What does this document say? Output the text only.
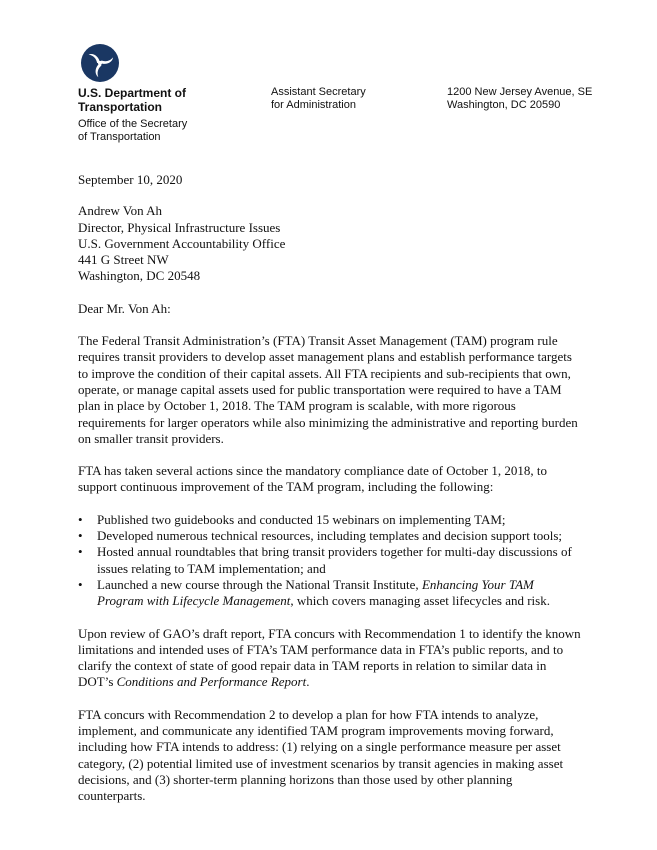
U.S. Department of
Transportation
Office of the Secretary
of Transportation
Assistant Secretary
for Administration
1200 New Jersey Avenue, SE
Washington, DC 20590

September 10, 2020

Andrew Von Ah
Director, Physical Infrastructure Issues
U.S. Government Accountability Office
441 G Street NW
Washington, DC 20548

Dear Mr. Von Ah:

The Federal Transit Administration’s (FTA) Transit Asset Management (TAM) program rule requires transit providers to develop asset management plans and establish performance targets to improve the condition of their capital assets. All FTA recipients and sub-recipients that own, operate, or manage capital assets used for public transportation were required to have a TAM plan in place by October 1, 2018. The TAM program is scalable, with more rigorous requirements for larger operators while also minimizing the administrative and reporting burden on smaller transit providers.

FTA has taken several actions since the mandatory compliance date of October 1, 2018, to support continuous improvement of the TAM program, including the following:

• Published two guidebooks and conducted 15 webinars on implementing TAM;
• Developed numerous technical resources, including templates and decision support tools;
• Hosted annual roundtables that bring transit providers together for multi-day discussions of issues relating to TAM implementation; and
• Launched a new course through the National Transit Institute, Enhancing Your TAM Program with Lifecycle Management, which covers managing asset lifecycles and risk.

Upon review of GAO’s draft report, FTA concurs with Recommendation 1 to identify the known limitations and intended uses of FTA’s TAM performance data in FTA’s public reports, and to clarify the context of state of good repair data in TAM reports in relation to similar data in DOT’s Conditions and Performance Report.

FTA concurs with Recommendation 2 to develop a plan for how FTA intends to analyze, implement, and communicate any identified TAM program improvements moving forward, including how FTA intends to address: (1) relying on a single performance measure per asset category, (2) potential limited use of investment scenarios by transit agencies in making asset decisions, and (3) shorter-term planning horizons than those used by other planning counterparts.
